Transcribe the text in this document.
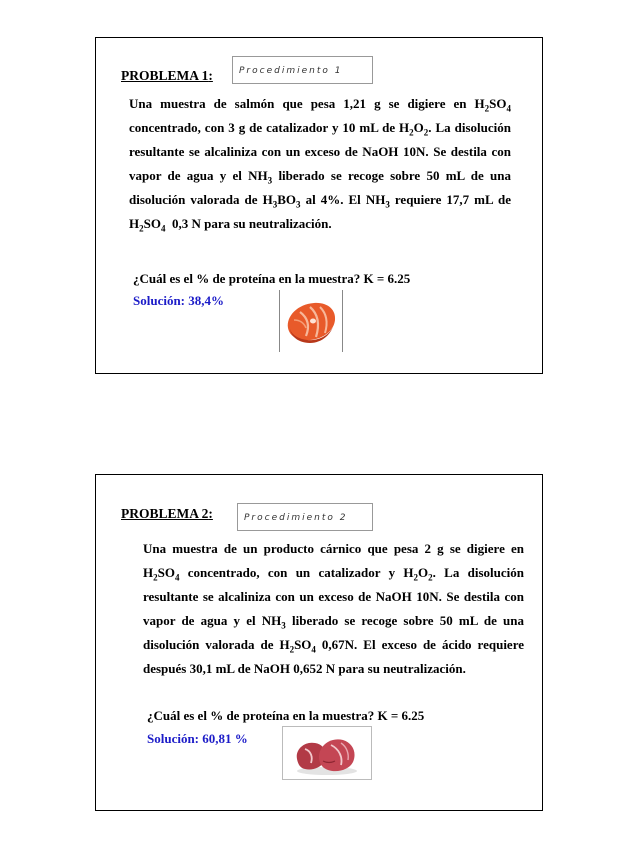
PROBLEMA 1:	Procedimiento 1
Una muestra de salmón que pesa 1,21 g se digiere en $H_2SO_4$ concentrado, con 3 g de catalizador y 10 mL de $H_2O_2$. La disolución resultante se alcaliniza con un exceso de NaOH 10N. Se destila con vapor de agua y el $NH_3$ liberado se recoge sobre 50 mL de una disolución valorada de $H_3BO_3$ al 4%. El $NH_3$ requiere 17,7 mL de $H_2SO_4$  0,3 N para su neutralización.
¿Cuál es el % de proteína en la muestra? K = 6.25
Solución: 38,4%
PROBLEMA 2:	Procedimiento 2
Una muestra de un producto cárnico que pesa 2 g se digiere en $H_2SO_4$ concentrado, con un catalizador y $H_2O_2$. La disolución resultante se alcaliniza con un exceso de NaOH 10N. Se destila con vapor de agua y el $NH_3$ liberado se recoge sobre 50 mL de una disolución valorada de $H_2SO_4$ 0,67N. El exceso de ácido requiere después 30,1 mL de NaOH 0,652 N para su neutralización.
¿Cuál es el % de proteína en la muestra? K = 6.25
Solución: 60,81 %
